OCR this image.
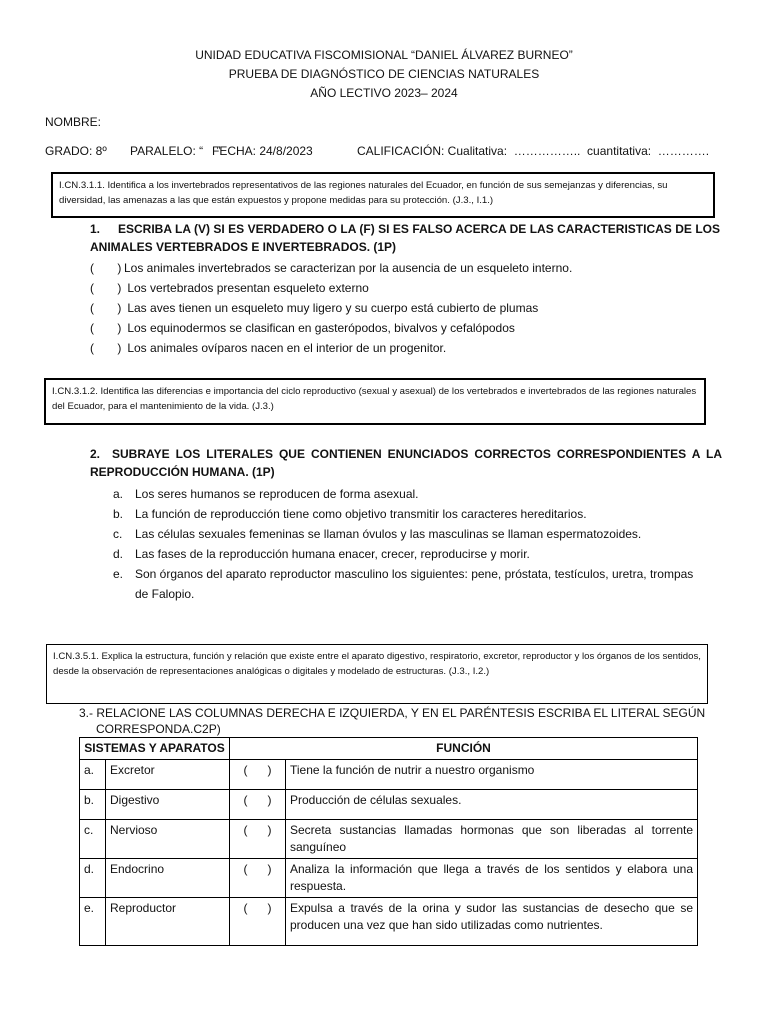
UNIDAD EDUCATIVA FISCOMISIONAL “DANIEL ÁLVAREZ BURNEO”
PRUEBA DE DIAGNÓSTICO DE CIENCIAS NATURALES
AÑO LECTIVO 2023– 2024
NOMBRE:
GRADO: 8º PARALELO: “    ”
FECHA: 24/8/2023	CALIFICACIÓN: Cualitativa:  ……………..  cuantitativa:  ………….
I.CN.3.1.1. Identifica a los invertebrados representativos de las regiones naturales del Ecuador, en función de sus semejanzas y diferencias, su diversidad, las amenazas a las que están expuestos y propone medidas para su protección. (J.3., I.1.)
1. ESCRIBA LA (V) SI ES VERDADERO O LA (F) SI ES FALSO ACERCA DE LAS CARACTERISTICAS DE LOS ANIMALES VERTEBRADOS E INVERTEBRADOS. (1P)
(       ) Los animales invertebrados se caracterizan por la ausencia de un esqueleto interno.
(       ) Los vertebrados presentan esqueleto externo
(       ) Las aves tienen un esqueleto muy ligero y su cuerpo está cubierto de plumas
(       ) Los equinodermos se clasifican en gasterópodos, bivalvos y cefalópodos
(       ) Los animales ovíparos nacen en el interior de un progenitor.
I.CN.3.1.2. Identifica las diferencias e importancia del ciclo reproductivo (sexual y asexual) de los vertebrados e invertebrados de las regiones naturales del Ecuador, para el mantenimiento de la vida. (J.3.)
2. SUBRAYE LOS LITERALES QUE CONTIENEN ENUNCIADOS CORRECTOS CORRESPONDIENTES A LA REPRODUCCIÓN HUMANA. (1P)
a. Los seres humanos se reproducen de forma asexual.
b. La función de reproducción tiene como objetivo transmitir los caracteres hereditarios.
c.	Las células sexuales femeninas se llaman óvulos y las masculinas se llaman espermatozoides.
d. Las fases de la reproducción humana enacer, crecer, reproducirse y morir.
e. Son órganos del aparato reproductor masculino los siguientes: pene, próstata, testículos, uretra, trompas de Falopio.
I.CN.3.5.1. Explica la estructura, función y relación que existe entre el aparato digestivo, respiratorio, excretor, reproductor y los órganos de los sentidos, desde la observación de representaciones analógicas o digitales y modelado de estructuras. (J.3., I.2.)
3.- RELACIONE LAS COLUMNAS DERECHA E IZQUIERDA, Y EN EL PARÉNTESIS ESCRIBA EL LITERAL SEGÚN
CORRESPONDA.C2P)
SISTEMAS Y APARATOS		FUNCIÓN	
a.	Excretor	(      )	Tiene la función de nutrir a nuestro organismo
b.	Digestivo	(      )	Producción de células sexuales.
c.	Nervioso	(      )	Secreta sustancias llamadas hormonas que son liberadas al torrente sanguíneo
d.	Endocrino	(      )	Analiza la información que llega a través de los sentidos y elabora una respuesta.
e.	Reproductor	(      )	Expulsa a través de la orina y sudor las sustancias de desecho que se producen una vez que han sido utilizadas como nutrientes.
